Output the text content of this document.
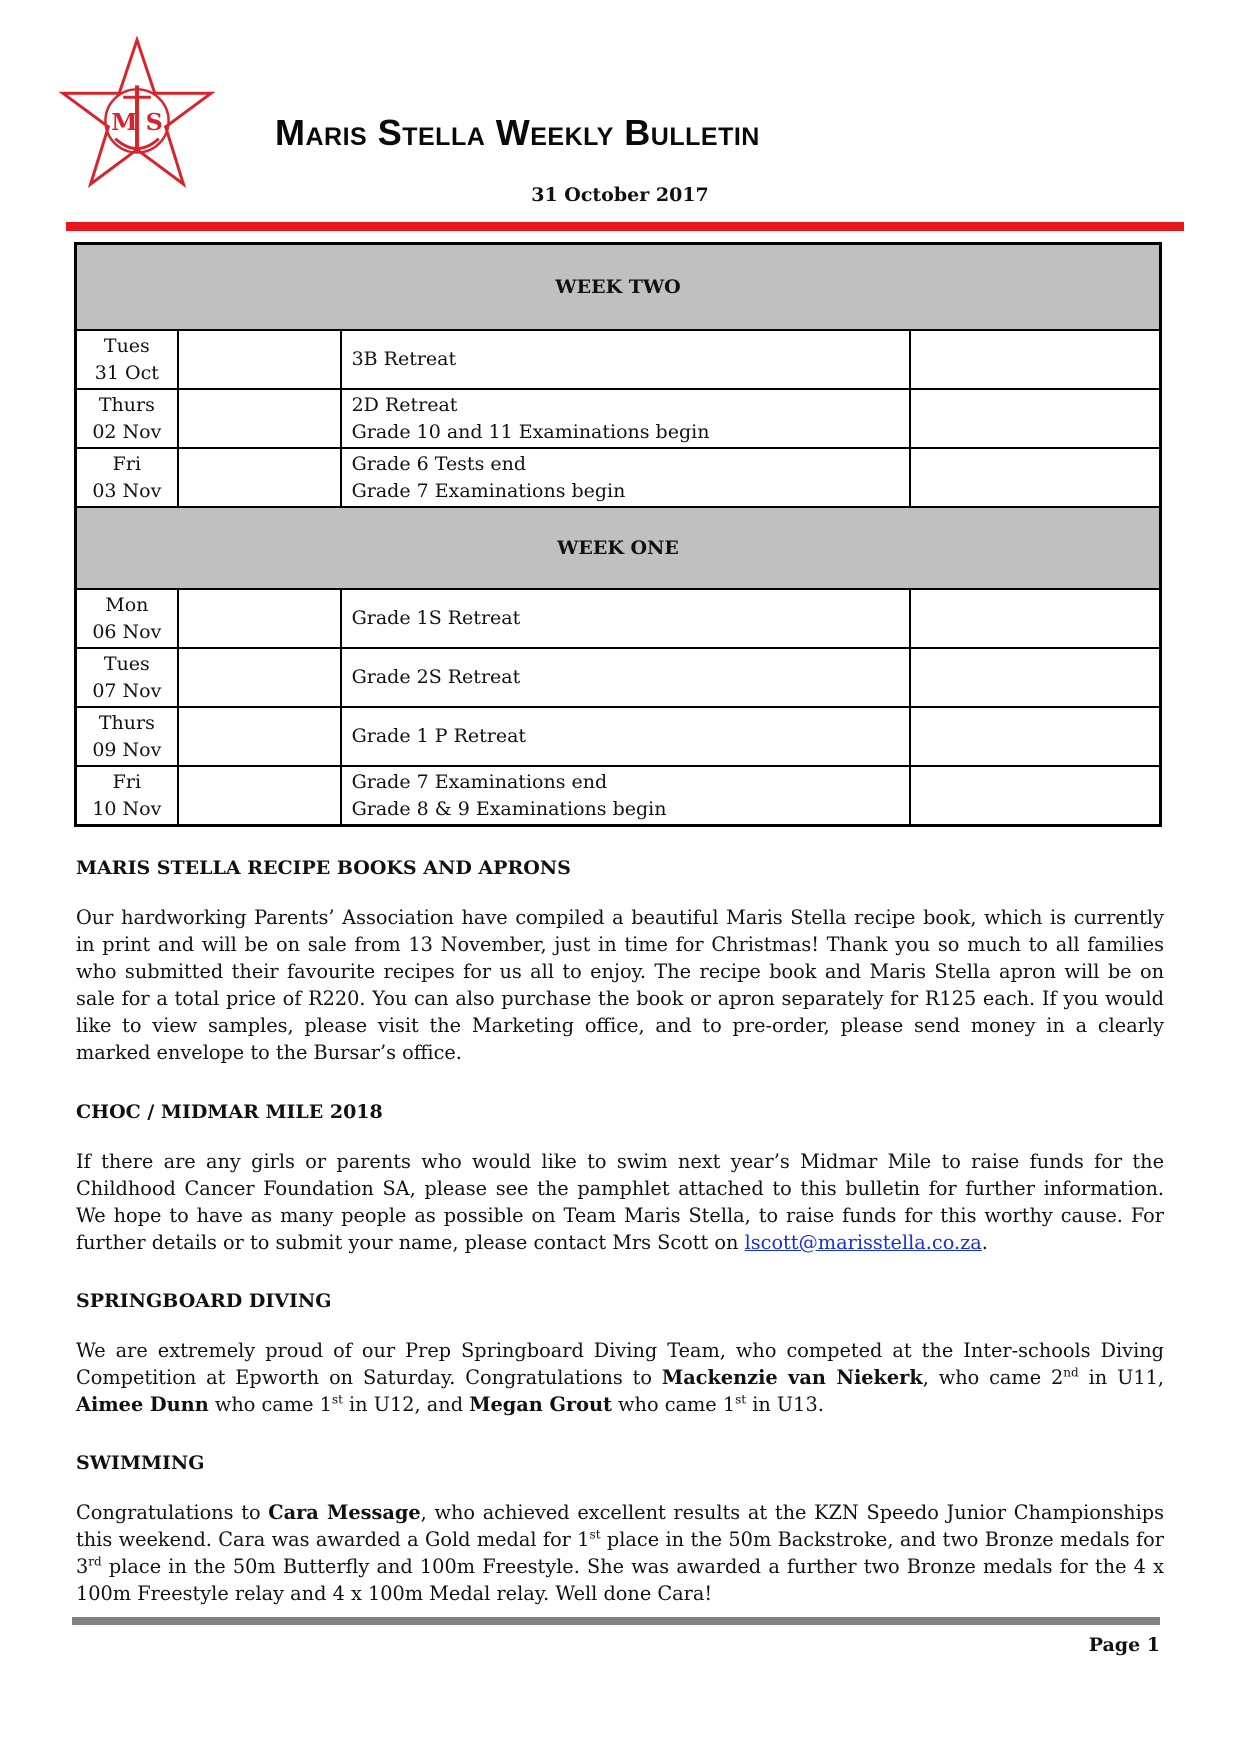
M S	Maris Stella Weekly Bulletin
31 October 2017
WEEK TWO			

Tues
31 Oct		3B Retreat	

Thurs
02 Nov		2D Retreat
Grade 10 and 11 Examinations begin	

Fri
03 Nov		Grade 6 Tests end
Grade 7 Examinations begin	

WEEK ONE			

Mon
06 Nov		Grade 1S Retreat	

Tues
07 Nov		Grade 2S Retreat	

Thurs
09 Nov		Grade 1 P Retreat	

Fri
10 Nov		Grade 7 Examinations end
Grade 8 & 9 Examinations begin	

MARIS STELLA RECIPE BOOKS AND APRONS
Our hardworking Parents’ Association have compiled a beautiful Maris Stella recipe book, which is currently in print and will be on sale from 13 November, just in time for Christmas! Thank you so much to all families who submitted their favourite recipes for us all to enjoy. The recipe book and Maris Stella apron will be on sale for a total price of R220. You can also purchase the book or apron separately for R125 each. If you would like to view samples, please visit the Marketing office, and to pre-order, please send money in a clearly marked envelope to the Bursar’s office.
CHOC / MIDMAR MILE 2018
If there are any girls or parents who would like to swim next year’s Midmar Mile to raise funds for the Childhood Cancer Foundation SA, please see the pamphlet attached to this bulletin for further information. We hope to have as many people as possible on Team Maris Stella, to raise funds for this worthy cause. For further details or to submit your name, please contact Mrs Scott on lscott@marisstella.co.za.
SPRINGBOARD DIVING
We are extremely proud of our Prep Springboard Diving Team, who competed at the Inter-schools Diving Competition at Epworth on Saturday. Congratulations to Mackenzie van Niekerk, who came 2nd in U11, Aimee Dunn who came 1st in U12, and Megan Grout who came 1st in U13.
SWIMMING
Congratulations to Cara Message, who achieved excellent results at the KZN Speedo Junior Championships this weekend. Cara was awarded a Gold medal for 1st place in the 50m Backstroke, and two Bronze medals for 3rd place in the 50m Butterfly and 100m Freestyle. She was awarded a further two Bronze medals for the 4 x 100m Freestyle relay and 4 x 100m Medal relay. Well done Cara!
Page 1
